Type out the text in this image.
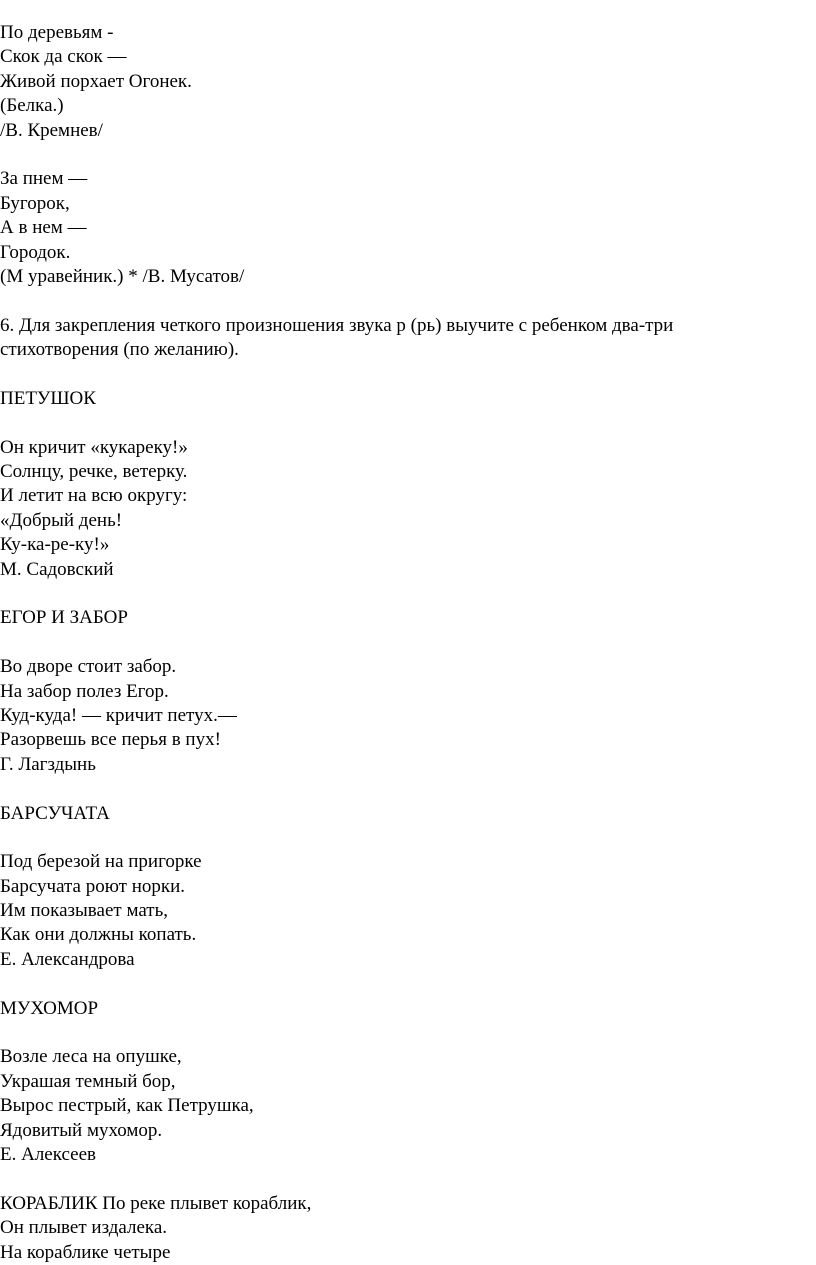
По деревьям -
Скок да скок —
Живой порхает Огонек.
(Белка.)
/В. Кремнев/
За пнем —
Бугорок,
А в нем —
Городок.
(М уравейник.) * /В. Мусатов/
6. Для закрепления четкого произношения звука р (рь) выучите с ребенком два-три
стихотворения (по желанию).
ПЕТУШОК
Он кричит «кукареку!»
Солнцу, речке, ветерку.
И летит на всю округу:
«Добрый день!
Ку-ка-ре-ку!»
М. Садовский
ЕГОР И ЗАБОР
Во дворе стоит забор.
На забор полез Егор.
Куд-куда! — кричит петух.—
Разорвешь все перья в пух!
Г. Лагздынь
БАРСУЧАТА
Под березой на пригорке
Барсучата роют норки.
Им показывает мать,
Как они должны копать.
Е. Александрова
МУХОМОР
Возле леса на опушке,
Украшая темный бор,
Вырос пестрый, как Петрушка,
Ядовитый мухомор.
Е. Алексеев
КОРАБЛИК По реке плывет кораблик,
Он плывет издалека.
На кораблике четыре
